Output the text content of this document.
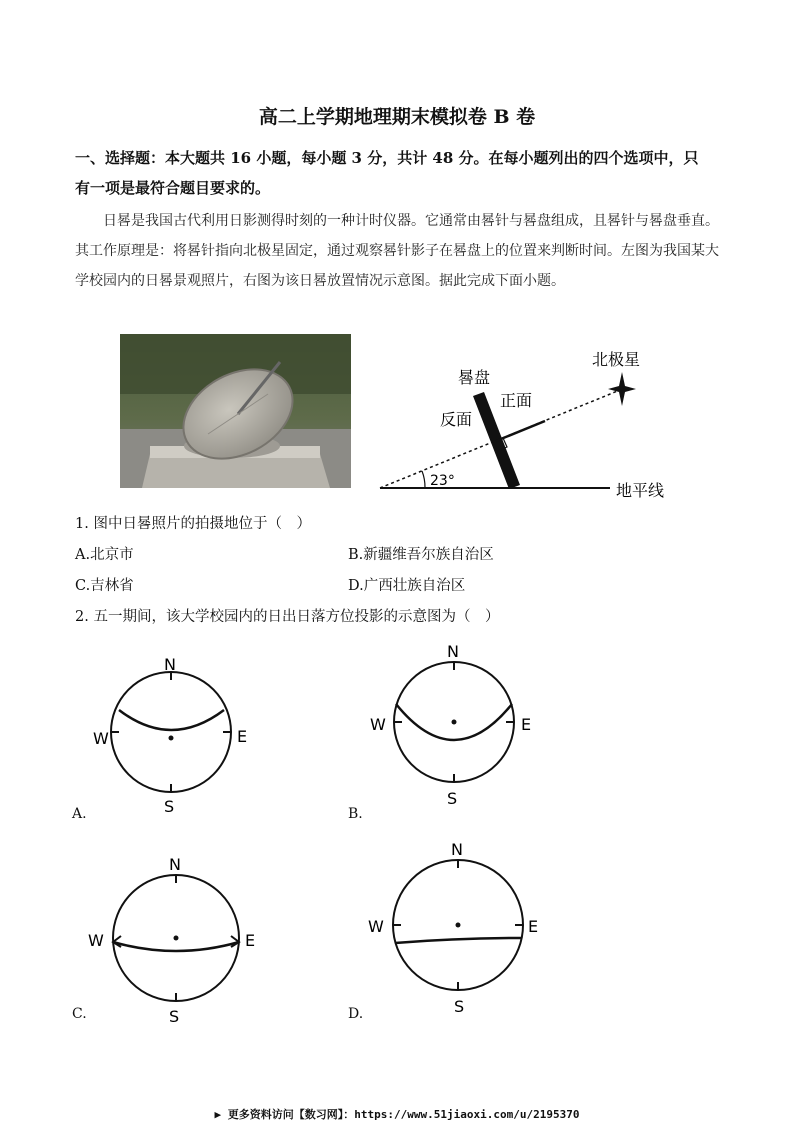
高二上学期地理期末模拟卷 B 卷
一、选择题：本大题共 16 小题，每小题 3 分，共计 48 分。在每小题列出的四个选项中，只
有一项是最符合题目要求的。
日晷是我国古代利用日影测得时刻的一种计时仪器。它通常由晷针与晷盘组成，且晷针与晷盘垂直。其工作原理是：将晷针指向北极星固定，通过观察晷针影子在晷盘上的位置来判断时间。左图为我国某大学校园内的日晷景观照片，右图为该日晷放置情况示意图。据此完成下面小题。
晷盘
正面
反面
北极星
23°	地平线
1. 图中日晷照片的拍摄地位于（　）
A.北京市	B.新疆维吾尔族自治区
C.吉林省	D.广西壮族自治区
2. 五一期间，该大学校园内的日出日落方位投影的示意图为（　）
N
S
W	E
A.
N
S
W	E
B.
N
S
W	E
C.
N
S
W	E
D.
▶ 更多资料访问【数习网】：https://www.51jiaoxi.com/u/2195370
